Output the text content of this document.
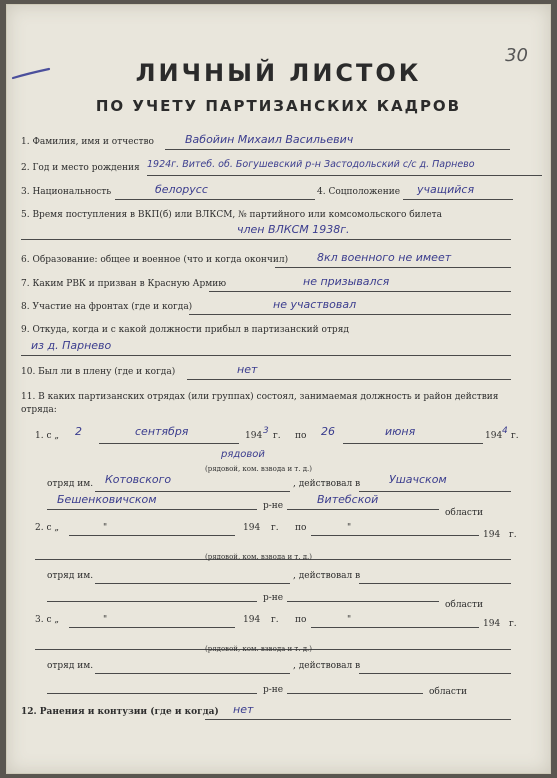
30
ЛИЧНЫЙ ЛИСТОК
ПО УЧЕТУ ПАРТИЗАНСКИХ КАДРОВ
1. Фамилия, имя и отчество	Вабойин Михаил Васильевич
2. Год и место рождения 1924г. Витеб. об. Богушевский р-н Застодольский с/с д. Парнево
3. Национальность	белорусс	4. Соцположение учащийся
5. Время поступления в ВКП(б) или ВЛКСМ, № партийного или комсомольского билета
член ВЛКСМ 1938г.
6. Образование: общее и военное (что и когда окончил)	8кл военного не имеет
7. Каким РВК и призван в Красную Армию	не призывался
8. Участие на фронтах (где и когда)	не участвовал
9. Откуда, когда и с какой должности прибыл в партизанский отряд
из д. Парнево
10. Был ли в плену (где и когда)	нет
11. В каких партизанских отрядах (или группах) состоял, занимаемая должность и район действия отряда:
1. с „ 2	сентября	194 3 г. по 26	июня	194 4 г.
рядовой
(рядовой, ком. взвода и т. д.)
отряд им. Котовского	, действовал в	Ушачском
Бешенковичском	р-не	Витебской
области
2. с „	"	194 г. по	"
194 г.
(рядовой, ком. взвода и т. д.)
отряд им.	, действовал в
р-не
области
3. с „	"	194 г. по	"	194 г.
(рядовой, ком. взвода и т. д.)
отряд им.	, действовал в
р-не	области
12. Ранения и контузии (где и когда) нет
